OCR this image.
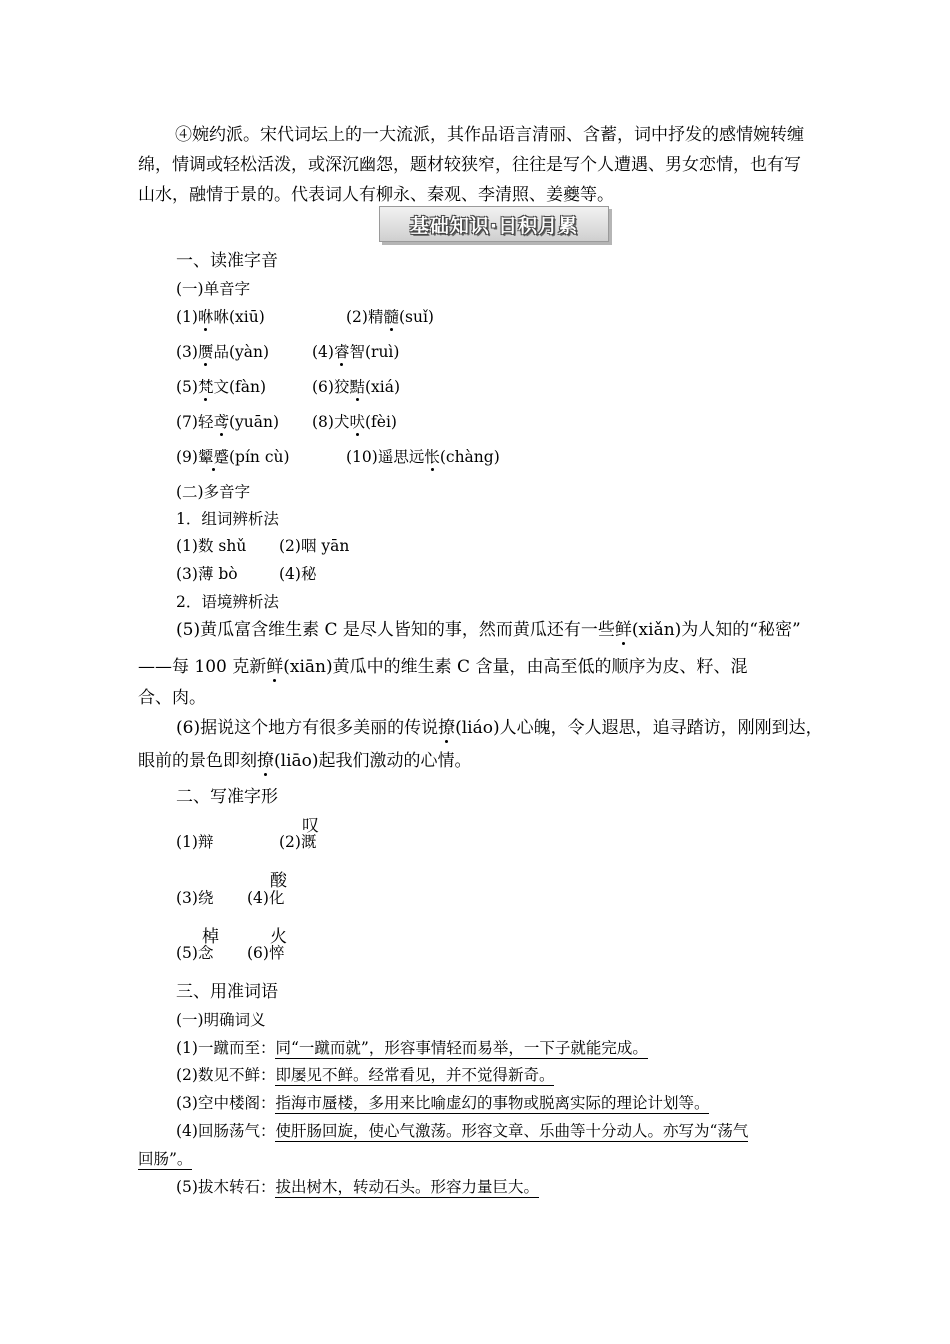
④婉约派。宋代词坛上的一大流派，其作品语言清丽、含蓄，词中抒发的感情婉转缠
绵，情调或轻松活泼，或深沉幽怨，题材较狭窄，往往是写个人遭遇、男女恋情，也有写
山水，融情于景的。代表词人有柳永、秦观、李清照、姜夔等。
基础知识·日积月累
一、读准字音
(一)单音字
(1)咻咻(xiū)	(2)精髓(suǐ)
(3)赝品(yàn)	(4)睿智(ruì)
(5)梵文(fàn)	(6)狡黠(xiá)
(7)轻鸢(yuān) (8)犬吠(fèi)
(9)颦蹙(pín cù)	(10)遥思远怅(chàng)
(二)多音字
1．组词辨析法
(1)数 shǔ (2)咽 yān
(3)薄 bò	(4)秘
2．语境辨析法
(5)黄瓜富含维生素 C 是尽人皆知的事，然而黄瓜还有一些鲜(xiǎn)为人知的“秘密”
——每 100 克新鲜(xiān)黄瓜中的维生素 C 含量，由高至低的顺序为皮、籽、混
合、肉。
(6)据说这个地方有很多美丽的传说撩(liáo)人心魄，令人遐思，追寻踏访，刚刚到达，
眼前的景色即刻撩(liāo)起我们激动的心情。
二、写准字形
(1)辩
叹
(2)溉
(3)绕
酸
(4)化
棹
(5)念
火
(6)悴
三、用准词语
(一)明确词义
(1)一蹴而至：同“一蹴而就”，形容事情轻而易举，一下子就能完成。
(2)数见不鲜：即屡见不鲜。经常看见，并不觉得新奇。
(3)空中楼阁：指海市蜃楼，多用来比喻虚幻的事物或脱离实际的理论计划等。
(4)回肠荡气：使肝肠回旋，使心气激荡。形容文章、乐曲等十分动人。亦写为“荡气
回肠”。
(5)拔木转石：拔出树木，转动石头。形容力量巨大。
